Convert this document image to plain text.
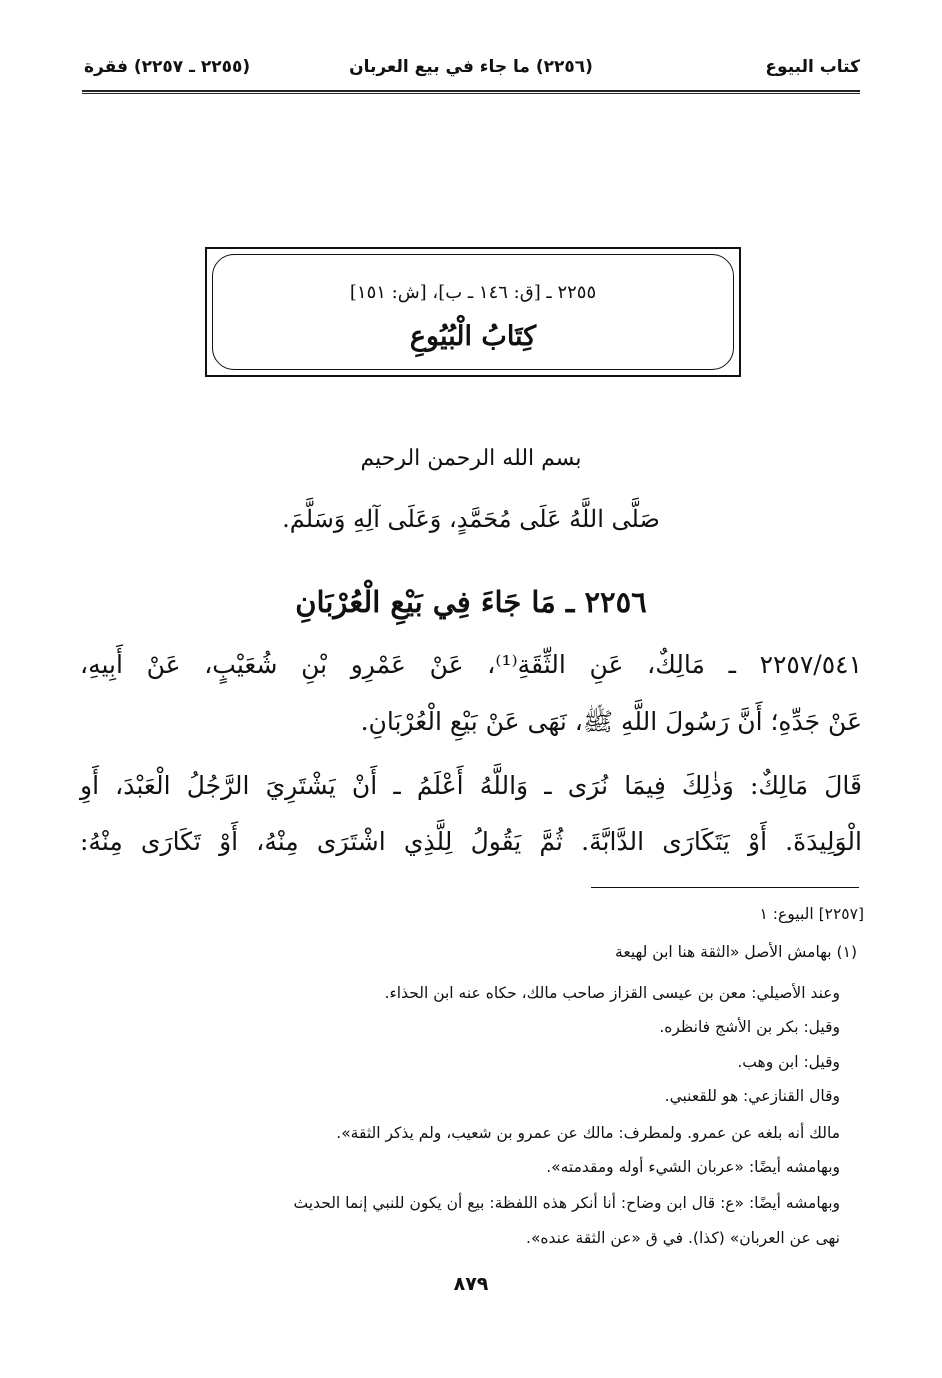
كتاب البيوع
(٢٢٥٦) ما جاء في بيع العربان
(٢٢٥٥ ـ ٢٢٥٧) فقرة
٢٢٥٥ ـ [ق: ١٤٦ ـ ب]، [ش: ١٥١]
كِتَابُ الْبُيُوعِ
بسم الله الرحمن الرحيم
صَلَّى اللَّهُ عَلَى مُحَمَّدٍ، وَعَلَى آلِهِ وَسَلَّمَ.
٢٢٥٦ ـ مَا جَاءَ فِي بَيْعِ الْعُرْبَانِ
٢٢٥٧/٥٤١ ـ مَالِكٌ، عَنِ الثِّقَةِ⁽¹⁾، عَنْ عَمْرِو بْنِ شُعَيْبٍ، عَنْ أَبِيهِ،
عَنْ جَدِّهِ؛ أَنَّ رَسُولَ اللَّهِ ﷺ، نَهَى عَنْ بَيْعِ الْعُرْبَانِ.
قَالَ مَالِكٌ: وَذٰلِكَ فِيمَا نُرَى ـ وَاللَّهُ أَعْلَمُ ـ أَنْ يَشْتَرِيَ الرَّجُلُ الْعَبْدَ، أَوِ
الْوَلِيدَةَ. أَوْ يَتَكَارَى الدَّابَّةَ. ثُمَّ يَقُولُ لِلَّذِي اشْتَرَى مِنْهُ، أَوْ تَكَارَى مِنْهُ:
[٢٢٥٧] البيوع: ١
(١) بهامش الأصل «الثقة هنا ابن لهيعة
وعند الأصيلي: معن بن عيسى القزاز صاحب مالك، حكاه عنه ابن الحذاء.
وقيل: بكر بن الأشج فانظره.
وقيل: ابن وهب.
وقال القنازعي: هو للقعنبي.
مالك أنه بلغه عن عمرو. ولمطرف: مالك عن عمرو بن شعيب، ولم يذكر الثقة».
وبهامشه أيضًا: «عربان الشيء أوله ومقدمته».
وبهامشه أيضًا: «ع: قال ابن وضاح: أنا أنكر هذه اللفظة: بيع أن يكون للنبي إنما الحديث
نهى عن العربان» (كذا). في ق «عن الثقة عنده».
٨٧٩
